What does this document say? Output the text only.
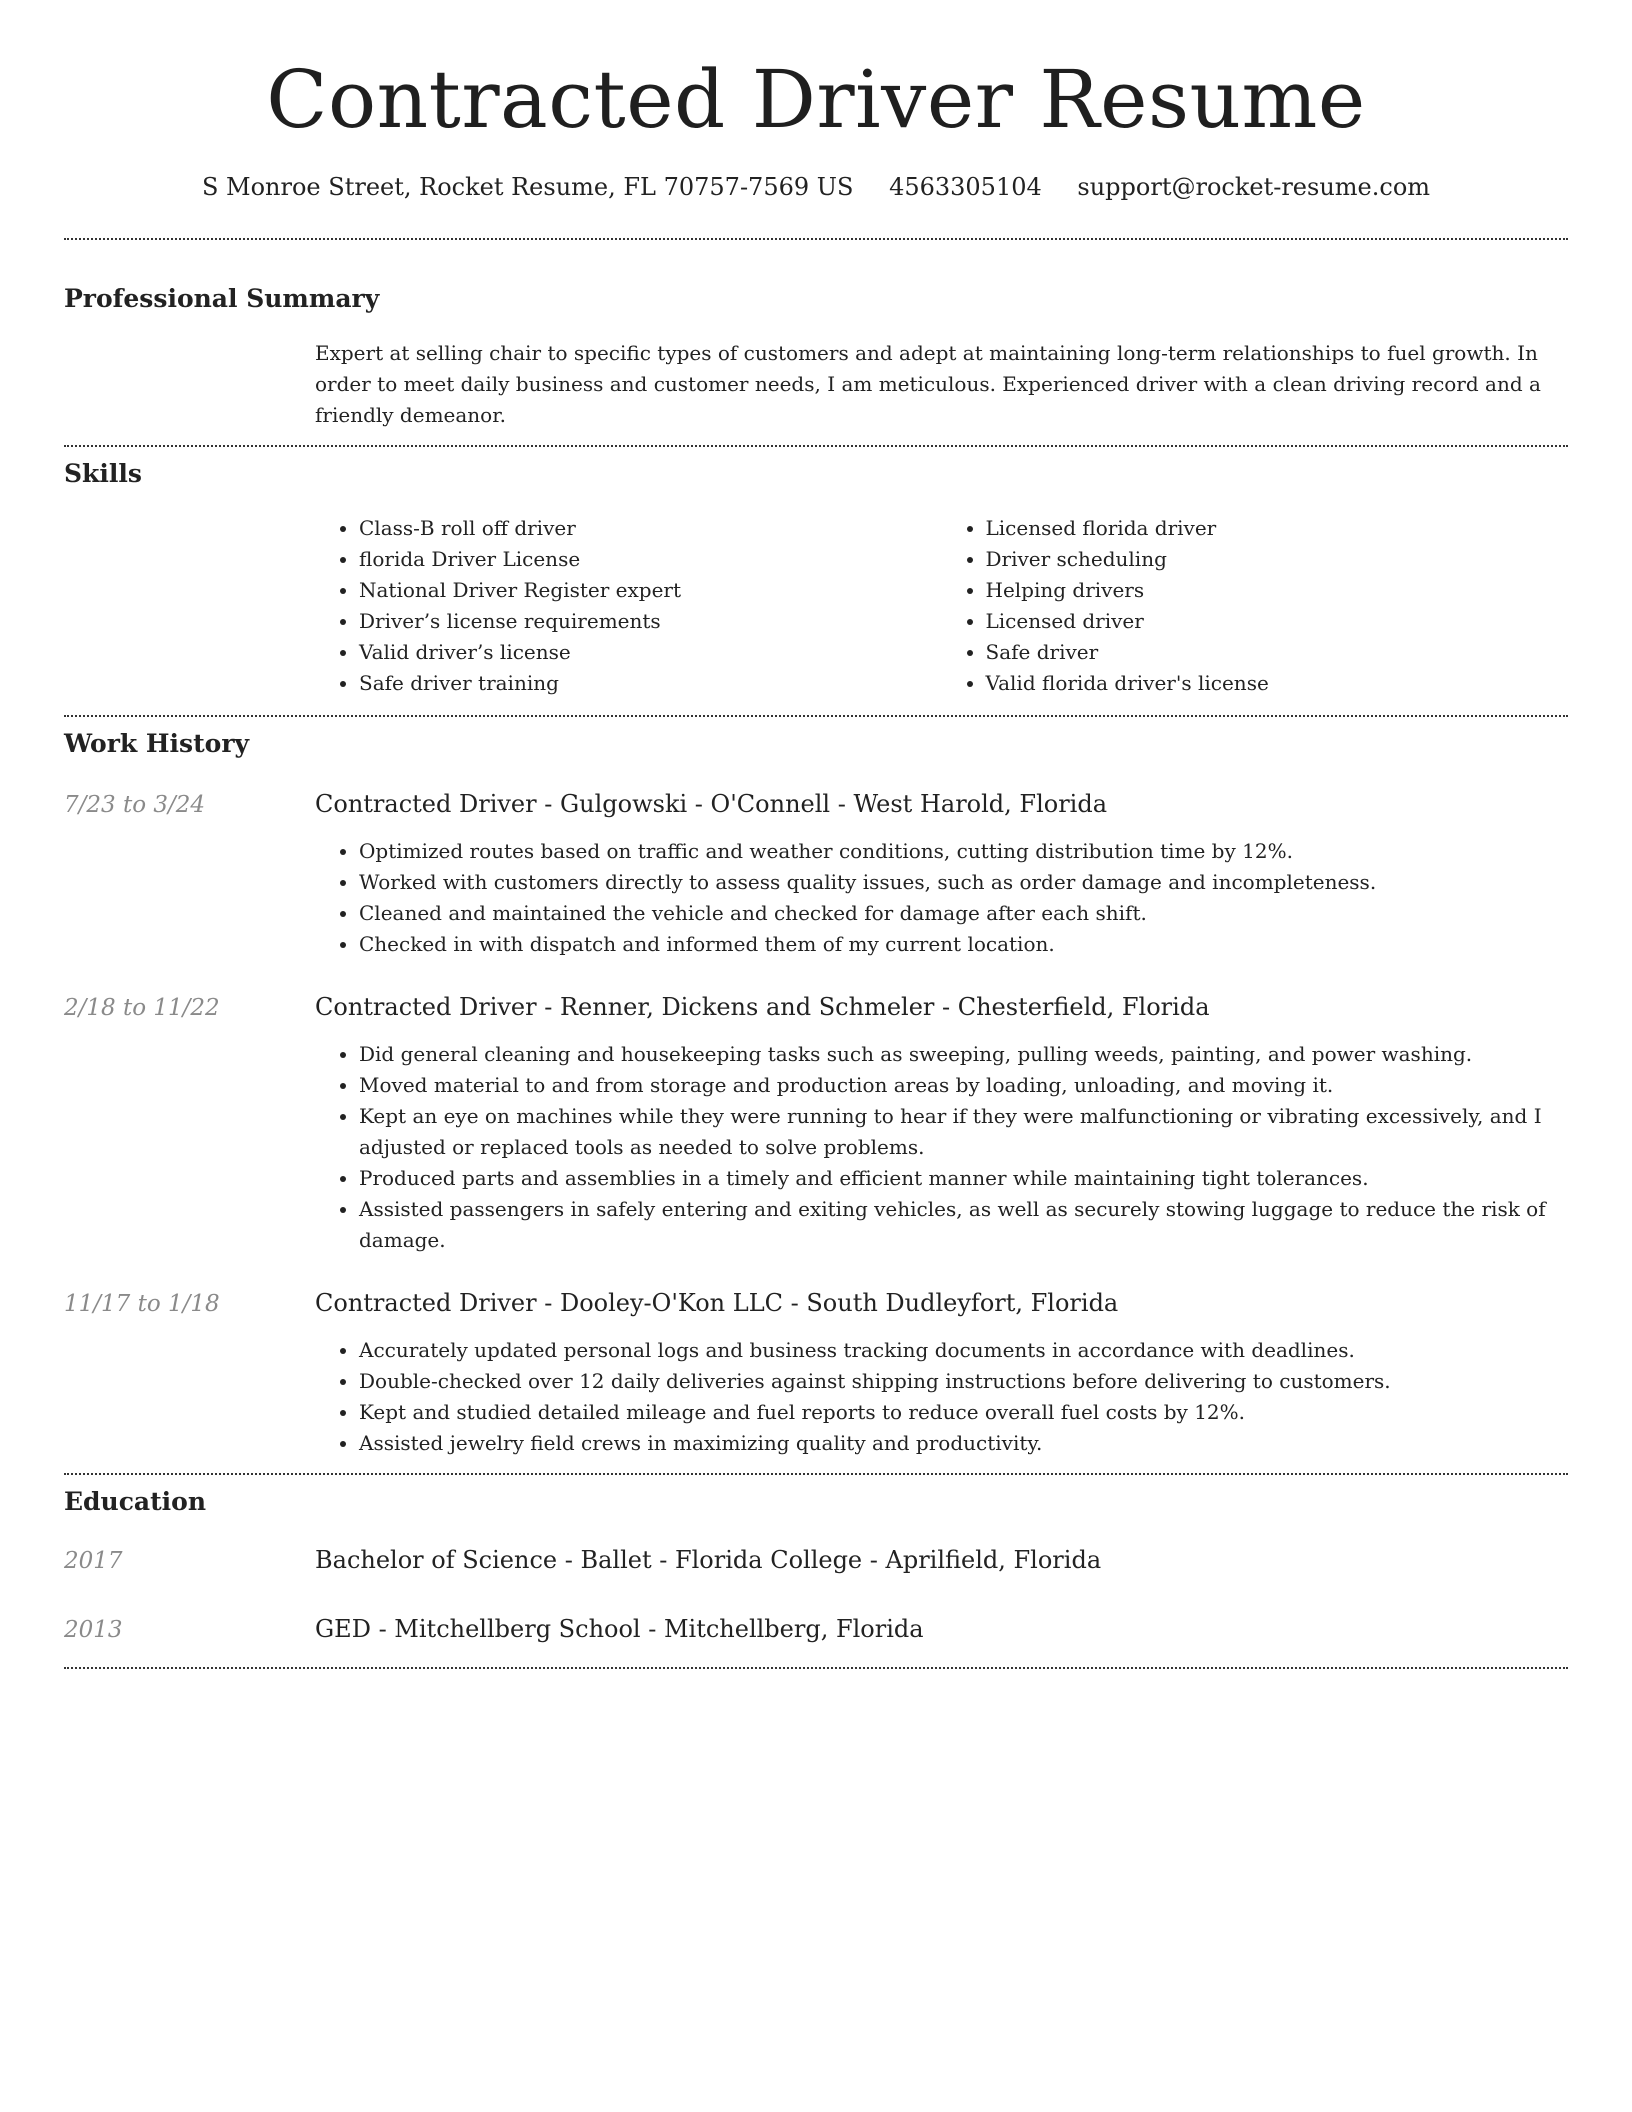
Contracted Driver Resume
S Monroe Street, Rocket Resume, FL 70757-7569 US 4563305104 support@rocket-resume.com
Professional Summary

Expert at selling chair to specific types of customers and adept at maintaining long-term relationships to fuel growth. In order to meet daily business and customer needs, I am meticulous. Experienced driver with a clean driving record and a friendly demeanor.

Skills
• Class-B roll off driver
• florida Driver License
• National Driver Register expert
• Driver’s license requirements
• Valid driver’s license
• Safe driver training
• Licensed florida driver
• Driver scheduling
• Helping drivers
• Licensed driver
• Safe driver
• Valid florida driver's license
Work History
7/23 to 3/24	Contracted Driver - Gulgowski - O'Connell - West Harold, Florida
• Optimized routes based on traffic and weather conditions, cutting distribution time by 12%.
• Worked with customers directly to assess quality issues, such as order damage and incompleteness.
• Cleaned and maintained the vehicle and checked for damage after each shift.
• Checked in with dispatch and informed them of my current location.
2/18 to 11/22	Contracted Driver - Renner, Dickens and Schmeler - Chesterfield, Florida
• Did general cleaning and housekeeping tasks such as sweeping, pulling weeds, painting, and power washing.
• Moved material to and from storage and production areas by loading, unloading, and moving it.
• Kept an eye on machines while they were running to hear if they were malfunctioning or vibrating excessively, and I adjusted or replaced tools as needed to solve problems.
• Produced parts and assemblies in a timely and efficient manner while maintaining tight tolerances.
• Assisted passengers in safely entering and exiting vehicles, as well as securely stowing luggage to reduce the risk of damage.
11/17 to 1/18	Contracted Driver - Dooley-O'Kon LLC - South Dudleyfort, Florida
• Accurately updated personal logs and business tracking documents in accordance with deadlines.
• Double-checked over 12 daily deliveries against shipping instructions before delivering to customers.
• Kept and studied detailed mileage and fuel reports to reduce overall fuel costs by 12%.
• Assisted jewelry field crews in maximizing quality and productivity.
Education
2017	Bachelor of Science - Ballet - Florida College - Aprilfield, Florida
2013	GED - Mitchellberg School - Mitchellberg, Florida
